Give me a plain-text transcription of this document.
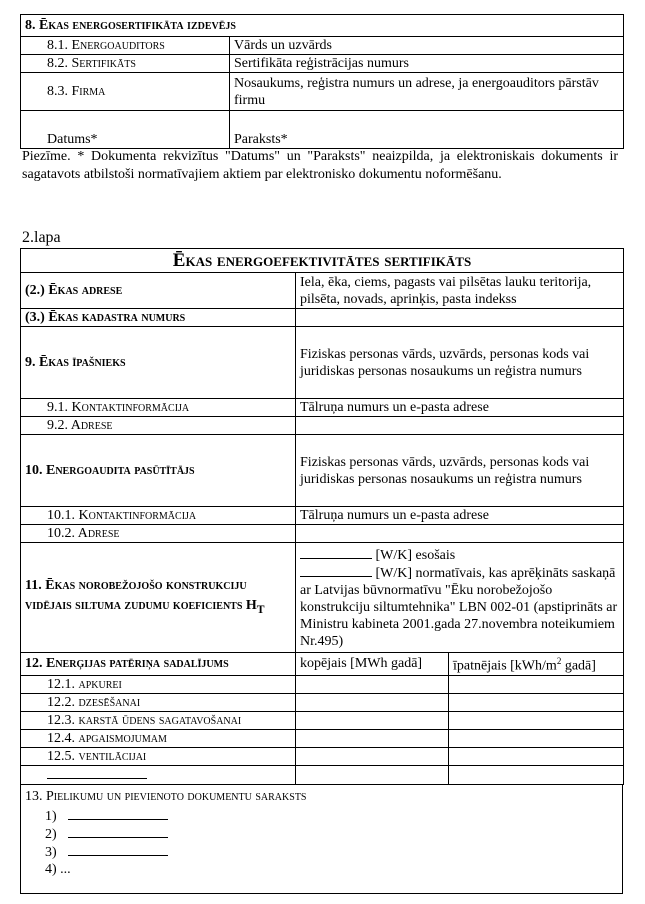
8. Ēkas energosertifikāta izdevējs	
8.1. Energoauditors	Vārds un uzvārds
8.2. Sertifikāts	Sertifikāta reģistrācijas numurs
8.3. Firma	Nosaukums, reģistra numurs un adrese, ja energoauditors pārstāv firmu
Datums*	Paraksts*
Piezīme. * Dokumenta rekvizītus "Datums" un "Paraksts" neaizpilda, ja elektroniskais dokuments ir sagatavots atbilstoši normatīvajiem aktiem par elektronisko dokumentu noformēšanu.
2.lapa
Ēkas energoefektivitātes sertifikāts		
(2.) Ēkas adrese	Iela, ēka, ciems, pagasts vai pilsētas lauku teritorija, pilsēta, novads, aprinķis, pasta indekss	
(3.) Ēkas kadastra numurs		
9. Ēkas īpašnieks	Fiziskas personas vārds, uzvārds, personas kods vai
juridiskas personas nosaukums un reģistra numurs	
9.1. Kontaktinformācija	Tālruņa numurs un e-pasta adrese	
9.2. Adrese		
10. Energoaudita pasūtītājs	Fiziskas personas vārds, uzvārds, personas kods vai
juridiskas personas nosaukums un reģistra numurs	
10.1. Kontaktinformācija	Tālruņa numurs un e-pasta adrese	
10.2. Adrese		
11. Ēkas norobežojošo konstrukciju vidējais siltuma zudumu koeficients $H_T$	[W/K] esošais
[W/K] normatīvais, kas aprēķināts saskaņā ar Latvijas būvnormatīvu "Ēku norobežojošo konstrukciju siltumtehnika" LBN 002-01 (apstiprināts ar Ministru kabineta 2001.gada 27.novembra noteikumiem Nr.495)	
12. Enerģijas patēriņa sadalījums	kopējais [MWh gadā]	īpatnējais [$kWh/m^2$ gadā]
12.1. apkurei		
12.2. dzesēšanai		
12.3. karstā ūdens sagatavošanai		
12.4. apgaismojumam		
12.5. ventilācijai		

13. Pielikumu un pievienoto dokumentu saraksts
1)
2)
3)
4) ...
